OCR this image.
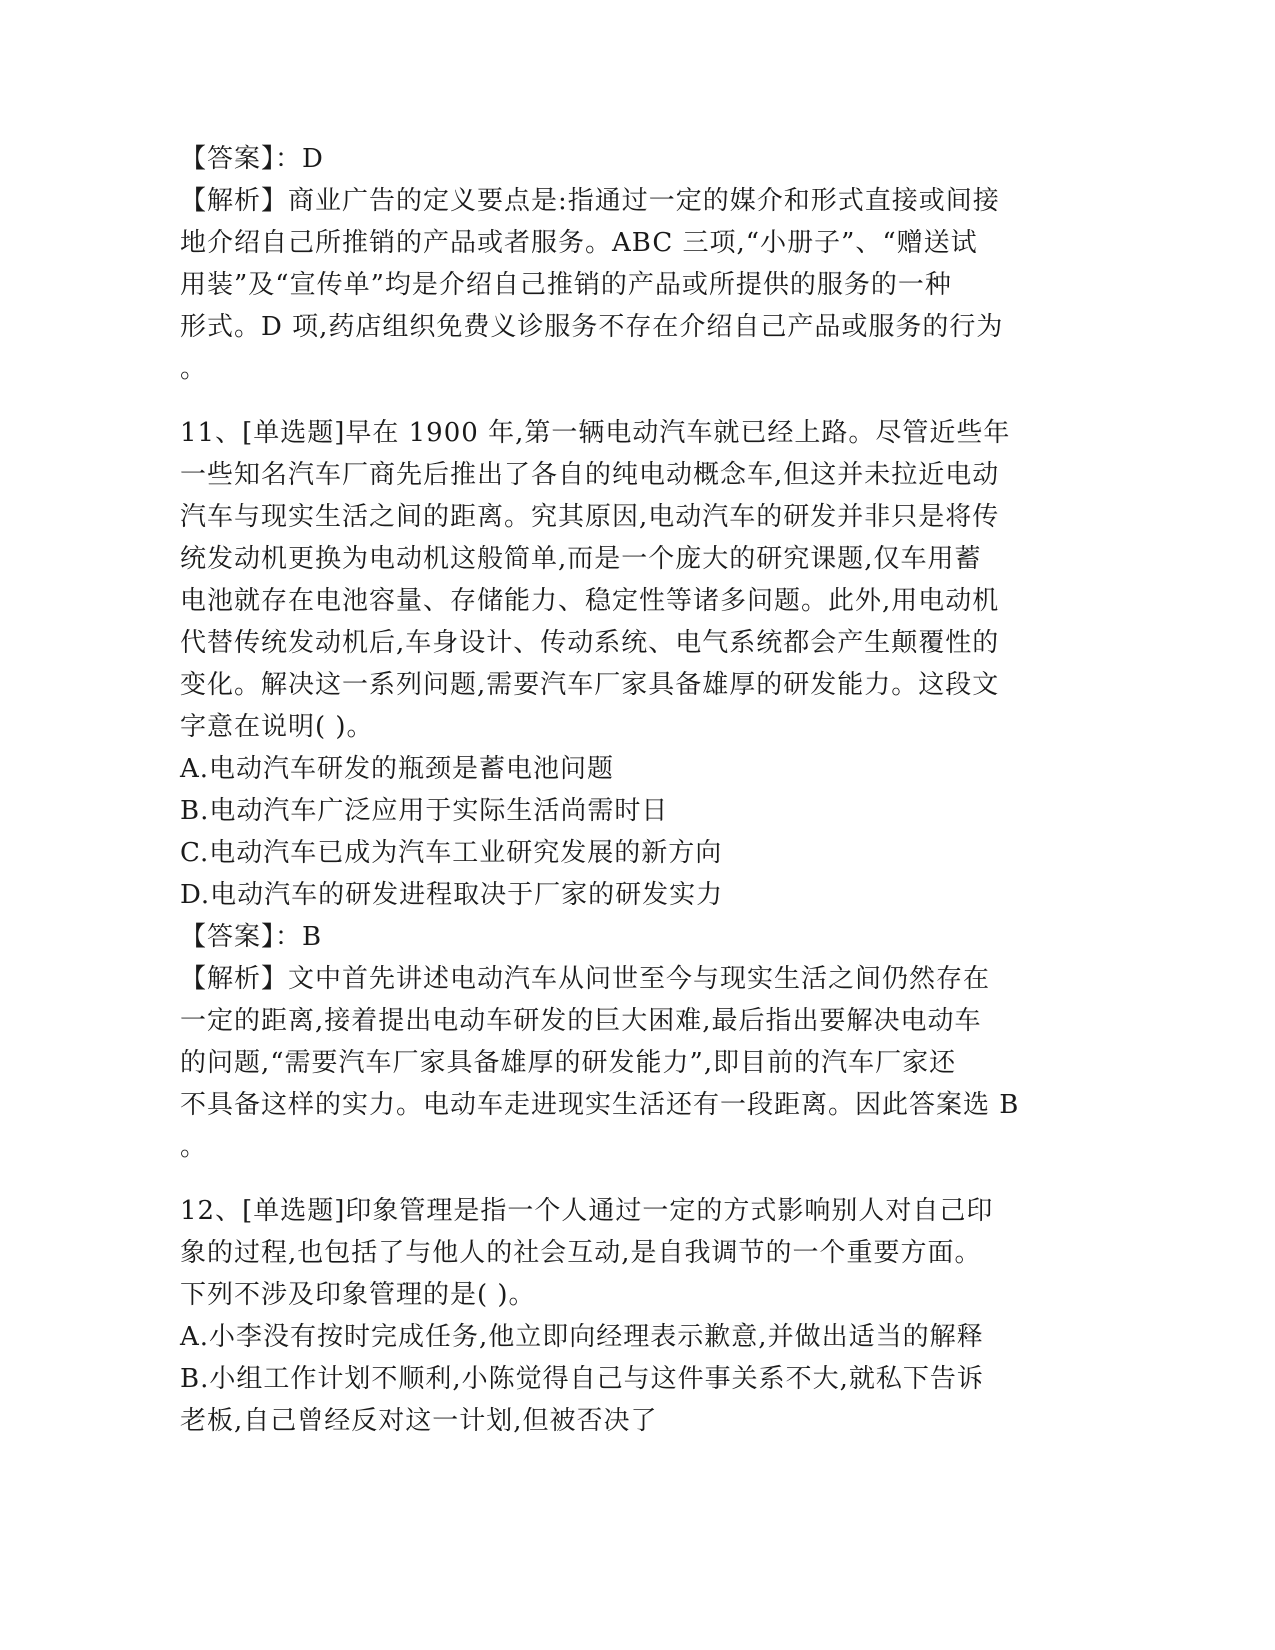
【答案】：D
【解析】商业广告的定义要点是:指通过一定的媒介和形式直接或间接
地介绍自己所推销的产品或者服务。ABC 三项,“小册子”、“赠送试
用装”及“宣传单”均是介绍自己推销的产品或所提供的服务的一种
形式。D 项,药店组织免费义诊服务不存在介绍自己产品或服务的行为
。
11、[单选题]早在 1900 年,第一辆电动汽车就已经上路。尽管近些年
一些知名汽车厂商先后推出了各自的纯电动概念车,但这并未拉近电动
汽车与现实生活之间的距离。究其原因,电动汽车的研发并非只是将传
统发动机更换为电动机这般简单,而是一个庞大的研究课题,仅车用蓄
电池就存在电池容量、存储能力、稳定性等诸多问题。此外,用电动机
代替传统发动机后,车身设计、传动系统、电气系统都会产生颠覆性的
变化。解决这一系列问题,需要汽车厂家具备雄厚的研发能力。这段文
字意在说明( )。
A.电动汽车研发的瓶颈是蓄电池问题
B.电动汽车广泛应用于实际生活尚需时日
C.电动汽车已成为汽车工业研究发展的新方向
D.电动汽车的研发进程取决于厂家的研发实力
【答案】：B
【解析】文中首先讲述电动汽车从问世至今与现实生活之间仍然存在
一定的距离,接着提出电动车研发的巨大困难,最后指出要解决电动车
的问题,“需要汽车厂家具备雄厚的研发能力”,即目前的汽车厂家还
不具备这样的实力。电动车走进现实生活还有一段距离。因此答案选 B
。
12、[单选题]印象管理是指一个人通过一定的方式影响别人对自己印
象的过程,也包括了与他人的社会互动,是自我调节的一个重要方面。
下列不涉及印象管理的是( )。
A.小李没有按时完成任务,他立即向经理表示歉意,并做出适当的解释
B.小组工作计划不顺利,小陈觉得自己与这件事关系不大,就私下告诉
老板,自己曾经反对这一计划,但被否决了
